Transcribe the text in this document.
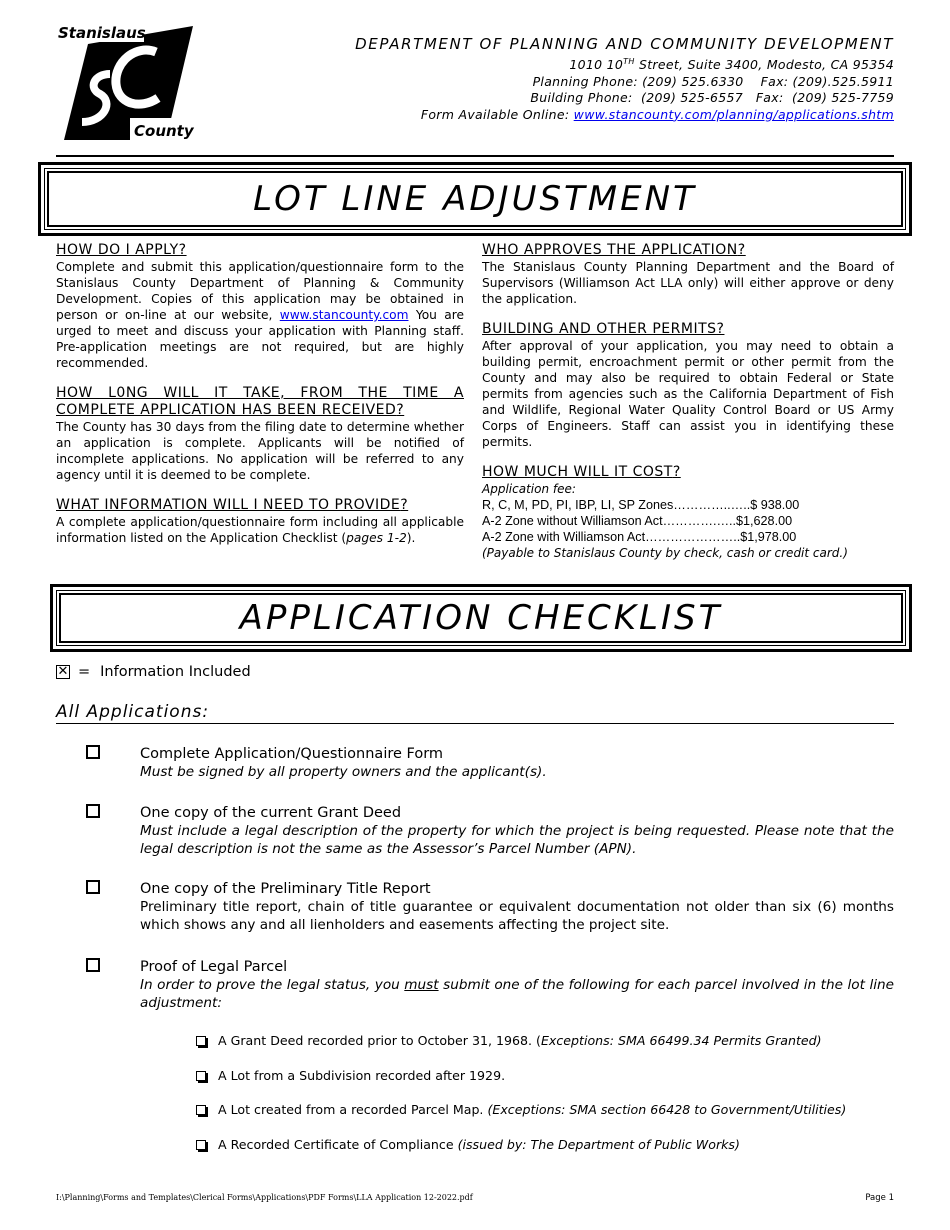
Stanislaus
County
DEPARTMENT OF PLANNING AND COMMUNITY DEVELOPMENT
1010 10TH Street, Suite 3400, Modesto, CA 95354
Planning Phone: (209) 525.6330    Fax: (209).525.5911
Building Phone:  (209) 525-6557   Fax:  (209) 525-7759
Form Available Online: www.stancounty.com/planning/applications.shtm
LOT LINE ADJUSTMENT
HOW DO I APPLY?

Complete and submit this application/questionnaire form to the Stanislaus County Department of Planning & Community Development. Copies of this application may be obtained in person or on-line at our website, www.stancounty.com You are urged to meet and discuss your application with Planning staff. Pre-application meetings are not required, but are highly recommended.

HOW L0NG WILL IT TAKE, FROM THE TIME A COMPLETE APPLICATION HAS BEEN RECEIVED?

The County has 30 days from the filing date to determine whether an application is complete. Applicants will be notified of incomplete applications. No application will be referred to any agency until it is deemed to be complete.

WHAT INFORMATION WILL I NEED TO PROVIDE?

A complete application/questionnaire form including all applicable information listed on the Application Checklist (pages 1-2).

WHO APPROVES THE APPLICATION?

The Stanislaus County Planning Department and the Board of Supervisors (Williamson Act LLA only) will either approve or deny the application.

BUILDING AND OTHER PERMITS?

After approval of your application, you may need to obtain a building permit, encroachment permit or other permit from the County and may also be required to obtain Federal or State permits from agencies such as the California Department of Fish and Wildlife, Regional Water Quality Control Board or US Army Corps of Engineers. Staff can assist you in identifying these permits.

HOW MUCH WILL IT COST?
Application fee:
R, C, M, PD, PI, IBP, LI, SP Zones…………..…..$ 938.00
A-2 Zone without Williamson Act………….…..$1,628.00
A-2 Zone with Williamson Act…………………..$1,978.00
(Payable to Stanislaus County by check, cash or credit card.)
APPLICATION CHECKLIST
✕ = Information Included
All Applications:
Complete Application/Questionnaire Form
Must be signed by all property owners and the applicant(s).
One copy of the current Grant Deed
Must include a legal description of the property for which the project is being requested. Please note that the legal description is not the same as the Assessor’s Parcel Number (APN).
One copy of the Preliminary Title Report
Preliminary title report, chain of title guarantee or equivalent documentation not older than six (6) months which shows any and all lienholders and easements affecting the project site.
Proof of Legal Parcel
In order to prove the legal status, you must submit one of the following for each parcel involved in the lot line adjustment:
A Grant Deed recorded prior to October 31, 1968. (Exceptions: SMA 66499.34 Permits Granted)
A Lot from a Subdivision recorded after 1929.
A Lot created from a recorded Parcel Map. (Exceptions: SMA section 66428 to Government/Utilities)
A Recorded Certificate of Compliance (issued by: The Department of Public Works)
I:\Planning\Forms and Templates\Clerical Forms\Applications\PDF Forms\LLA Application 12-2022.pdf	Page 1
